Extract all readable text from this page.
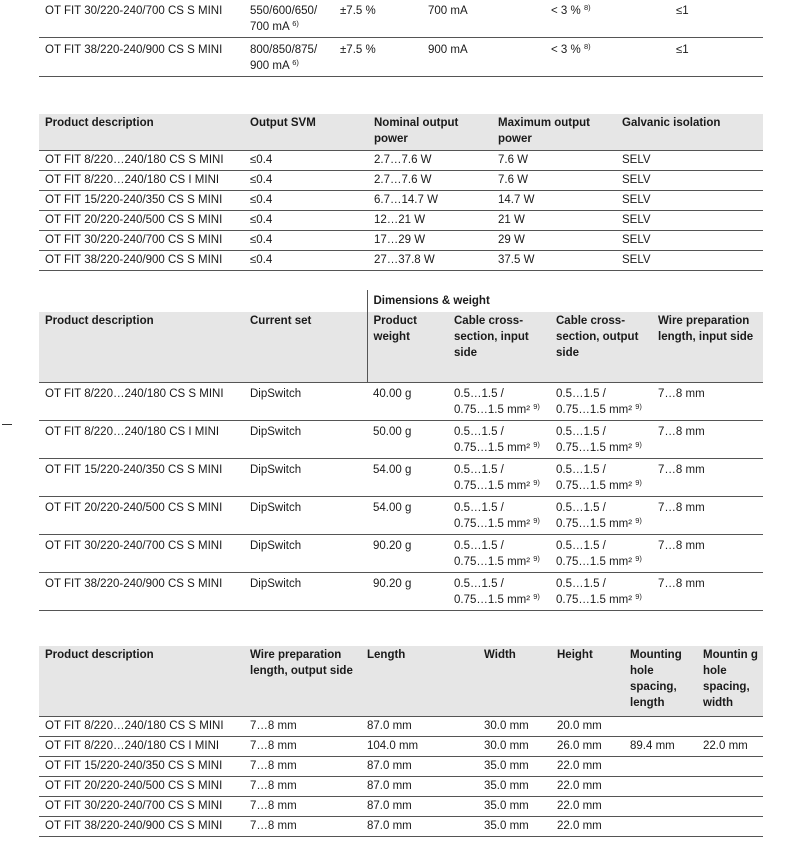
OT FIT 30/220-240/700 CS S MINI	550/600/650/
700 mA $^{6)}$	±7.5 %	700 mA	< 3 % $^{8)}$	≤1
OT FIT 38/220-240/900 CS S MINI	800/850/875/
900 mA $^{6)}$	±7.5 %	900 mA	< 3 % $^{8)}$	≤1
Product description	Output SVM	Nominal output power	Maximum output power	Galvanic isolation
OT FIT 8/220…240/180 CS S MINI	≤0.4	2.7…7.6 W	7.6 W	SELV
OT FIT 8/220…240/180 CS I MINI	≤0.4	2.7…7.6 W	7.6 W	SELV
OT FIT 15/220-240/350 CS S MINI	≤0.4	6.7…14.7 W	14.7 W	SELV
OT FIT 20/220-240/500 CS S MINI	≤0.4	12…21 W	21 W	SELV
OT FIT 30/220-240/700 CS S MINI	≤0.4	17…29 W	29 W	SELV
OT FIT 38/220-240/900 CS S MINI	≤0.4	27…37.8 W	37.5 W	SELV
		Dimensions & weight			
Product description	Current set	Product weight	Cable cross-section, input side	Cable cross-section, output side	Wire preparation length, input side
OT FIT 8/220…240/180 CS S MINI	DipSwitch	40.00 g	0.5…1.5 /
0.75…1.5 mm² $^{9)}$	0.5…1.5 /
0.75…1.5 mm² $^{9)}$	7…8 mm
OT FIT 8/220…240/180 CS I MINI	DipSwitch	50.00 g	0.5…1.5 /
0.75…1.5 mm² $^{9)}$	0.5…1.5 /
0.75…1.5 mm² $^{9)}$	7…8 mm
OT FIT 15/220-240/350 CS S MINI	DipSwitch	54.00 g	0.5…1.5 /
0.75…1.5 mm² $^{9)}$	0.5…1.5 /
0.75…1.5 mm² $^{9)}$	7…8 mm
OT FIT 20/220-240/500 CS S MINI	DipSwitch	54.00 g	0.5…1.5 /
0.75…1.5 mm² $^{9)}$	0.5…1.5 /
0.75…1.5 mm² $^{9)}$	7…8 mm
OT FIT 30/220-240/700 CS S MINI	DipSwitch	90.20 g	0.5…1.5 /
0.75…1.5 mm² $^{9)}$	0.5…1.5 /
0.75…1.5 mm² $^{9)}$	7…8 mm
OT FIT 38/220-240/900 CS S MINI	DipSwitch	90.20 g	0.5…1.5 /
0.75…1.5 mm² $^{9)}$	0.5…1.5 /
0.75…1.5 mm² $^{9)}$	7…8 mm
Product description	Wire preparation length, output side	Length	Width	Height	Mounting hole spacing, length	Mountin g hole spacing, width
OT FIT 8/220…240/180 CS S MINI	7…8 mm	87.0 mm	30.0 mm	20.0 mm		
OT FIT 8/220…240/180 CS I MINI	7…8 mm	104.0 mm	30.0 mm	26.0 mm	89.4 mm	22.0 mm
OT FIT 15/220-240/350 CS S MINI	7…8 mm	87.0 mm	35.0 mm	22.0 mm		
OT FIT 20/220-240/500 CS S MINI	7…8 mm	87.0 mm	35.0 mm	22.0 mm		
OT FIT 30/220-240/700 CS S MINI	7…8 mm	87.0 mm	35.0 mm	22.0 mm		
OT FIT 38/220-240/900 CS S MINI	7…8 mm	87.0 mm	35.0 mm	22.0 mm		
